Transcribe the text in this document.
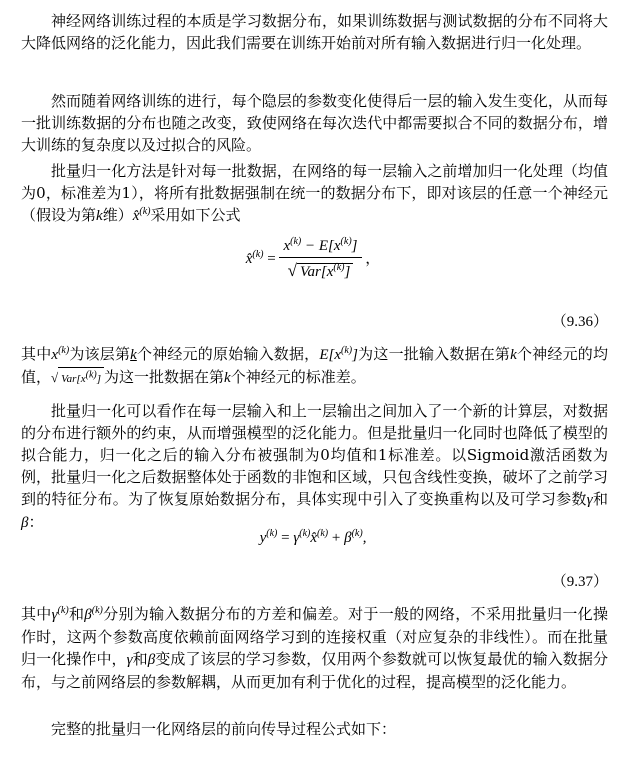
神经网络训练过程的本质是学习数据分布，如果训练数据与测试数据的分布不同将大大降低网络的泛化能力，因此我们需要在训练开始前对所有输入数据进行归一化处理。

然而随着网络训练的进行，每个隐层的参数变化使得后一层的输入发生变化，从而每一批训练数据的分布也随之改变，致使网络在每次迭代中都需要拟合不同的数据分布，增大训练的复杂度以及过拟合的风险。

批量归一化方法是针对每一批数据，在网络的每一层输入之前增加归一化处理（均值为0，标准差为1），将所有批数据强制在统一的数据分布下，即对该层的任意一个神经元（假设为第k维）x̂$^{(k)}$采用如下公式

x̂$^{(k)}$ = $\frac{x^{(k)} - E[x^{(k)}]}{√ Var[x^{(k)}]}$ ，
（9.36）

其中$x^{(k)}$为该层第k个神经元的原始输入数据，$E[x^{(k)}]$为这一批输入数据在第k个神经元的均值，√ $Var[x^{(k)}]$ 为这一批数据在第k个神经元的标准差。

批量归一化可以看作在每一层输入和上一层输出之间加入了一个新的计算层，对数据的分布进行额外的约束，从而增强模型的泛化能力。但是批量归一化同时也降低了模型的拟合能力，归一化之后的输入分布被强制为0均值和1标准差。以Sigmoid激活函数为例，批量归一化之后数据整体处于函数的非饱和区域，只包含线性变换，破坏了之前学习到的特征分布。为了恢复原始数据分布，具体实现中引入了变换重构以及可学习参数γ和β：

$y^{(k)}$ = $\gamma^{(k)}x̂^{(k)} + \beta^{(k)}$,
（9.37）

其中$\gamma^{(k)}$和$\beta^{(k)}$分别为输入数据分布的方差和偏差。对于一般的网络，不采用批量归一化操作时，这两个参数高度依赖前面网络学习到的连接权重（对应复杂的非线性）。而在批量归一化操作中，γ和β变成了该层的学习参数，仅用两个参数就可以恢复最优的输入数据分布，与之前网络层的参数解耦，从而更加有利于优化的过程，提高模型的泛化能力。

完整的批量归一化网络层的前向传导过程公式如下：
